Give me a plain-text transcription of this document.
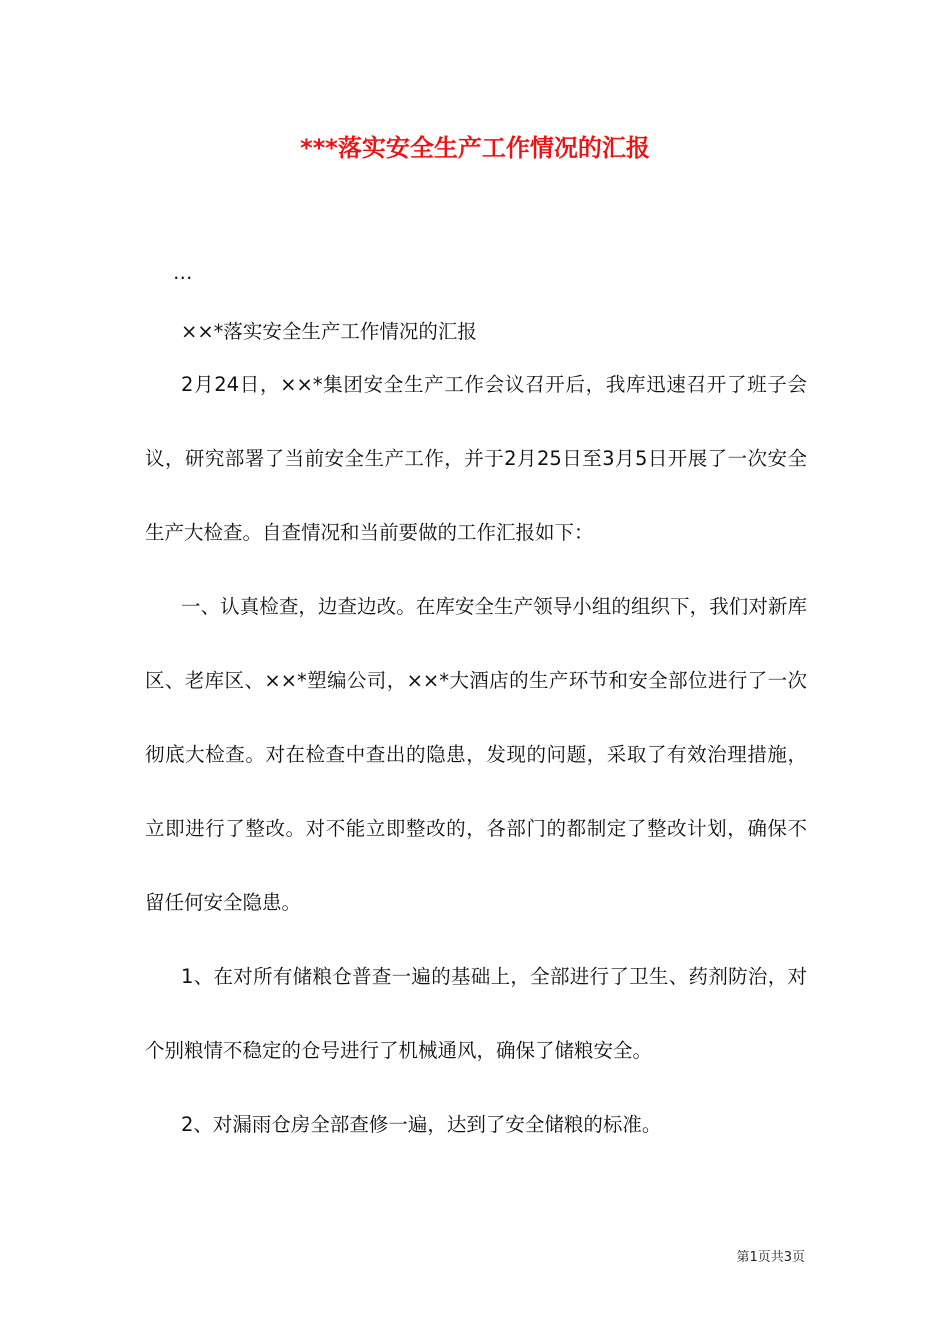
***落实安全生产工作情况的汇报

…

××*落实安全生产工作情况的汇报

2月24日，××*集团安全生产工作会议召开后，我库迅速召开了班子会议，研究部署了当前安全生产工作，并于2月25日至3月5日开展了一次安全生产大检查。自查情况和当前要做的工作汇报如下：

一、认真检查，边查边改。在库安全生产领导小组的组织下，我们对新库区、老库区、××*塑编公司，××*大酒店的生产环节和安全部位进行了一次彻底大检查。对在检查中查出的隐患，发现的问题，采取了有效治理措施，立即进行了整改。对不能立即整改的，各部门的都制定了整改计划，确保不留任何安全隐患。

1、在对所有储粮仓普查一遍的基础上，全部进行了卫生、药剂防治，对个别粮情不稳定的仓号进行了机械通风，确保了储粮安全。

2、对漏雨仓房全部查修一遍，达到了安全储粮的标准。

第1页共3页
